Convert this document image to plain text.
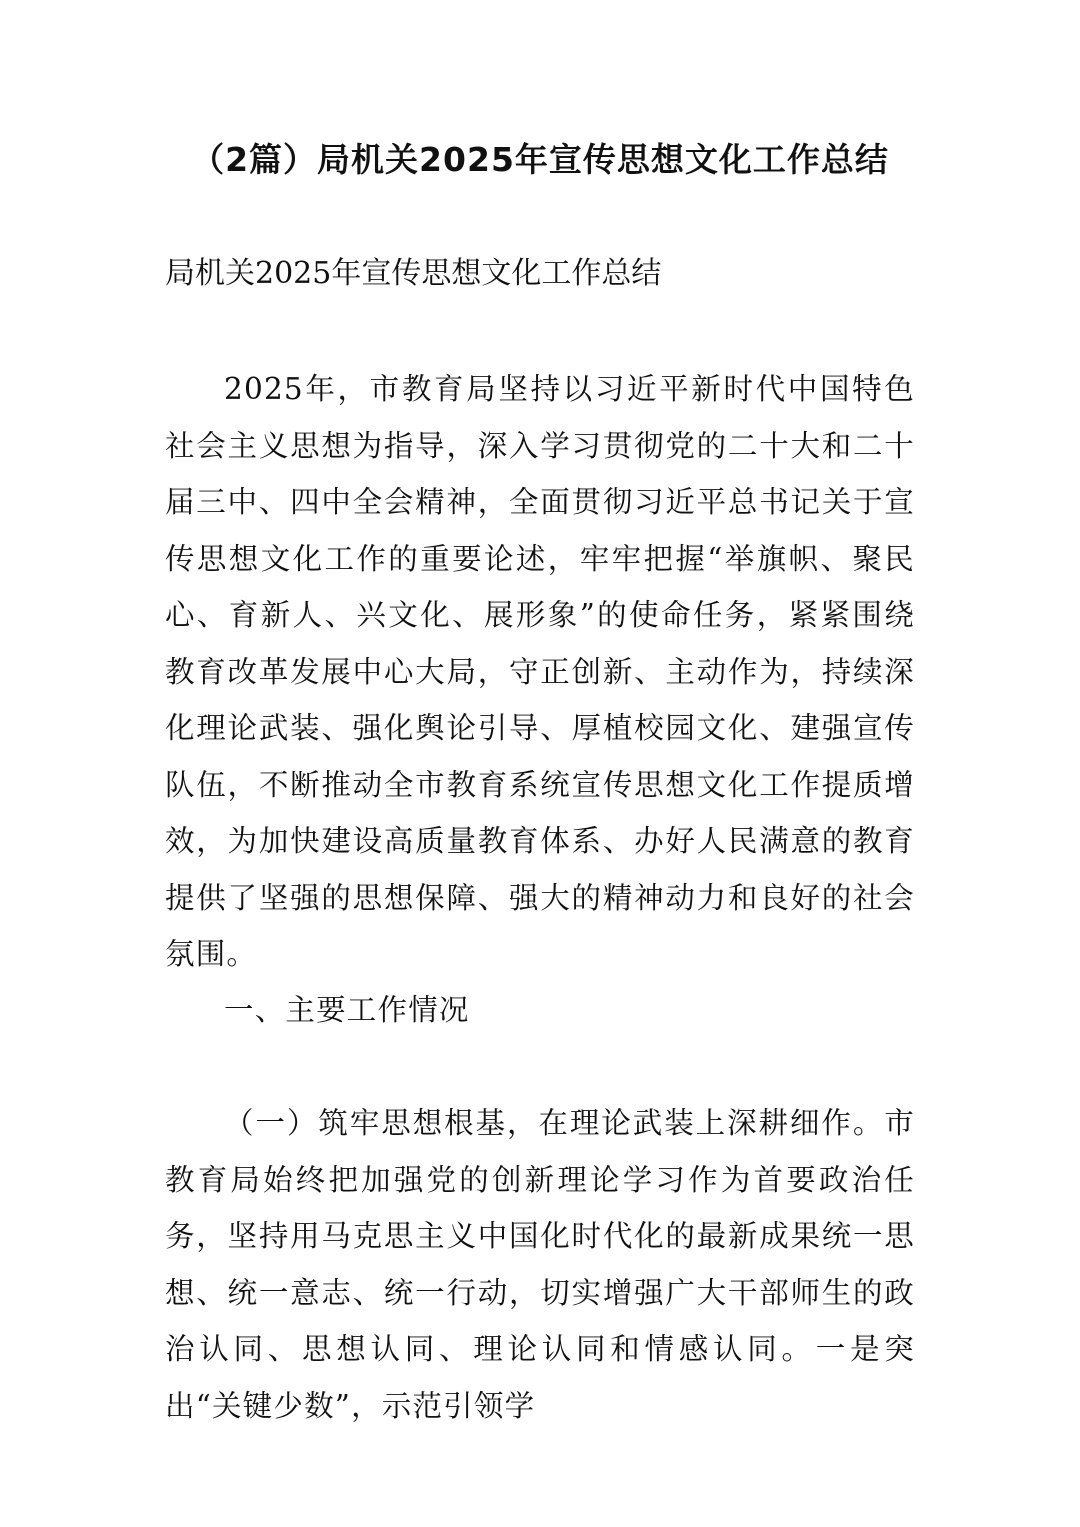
（2篇）局机关2025年宣传思想文化工作总结

局机关2025年宣传思想文化工作总结

2025年，市教育局坚持以习近平新时代中国特色社会主义思想为指导，深入学习贯彻党的二十大和二十届三中、四中全会精神，全面贯彻习近平总书记关于宣传思想文化工作的重要论述，牢牢把握“举旗帜、聚民心、育新人、兴文化、展形象”的使命任务，紧紧围绕教育改革发展中心大局，守正创新、主动作为，持续深化理论武装、强化舆论引导、厚植校园文化、建强宣传队伍，不断推动全市教育系统宣传思想文化工作提质增效，为加快建设高质量教育体系、办好人民满意的教育提供了坚强的思想保障、强大的精神动力和良好的社会氛围。

一、主要工作情况

（一）筑牢思想根基，在理论武装上深耕细作。市教育局始终把加强党的创新理论学习作为首要政治任务，坚持用马克思主义中国化时代化的最新成果统一思想、统一意志、统一行动，切实增强广大干部师生的政治认同、思想认同、理论认同和情感认同。一是突出“关键少数”，示范引领学
